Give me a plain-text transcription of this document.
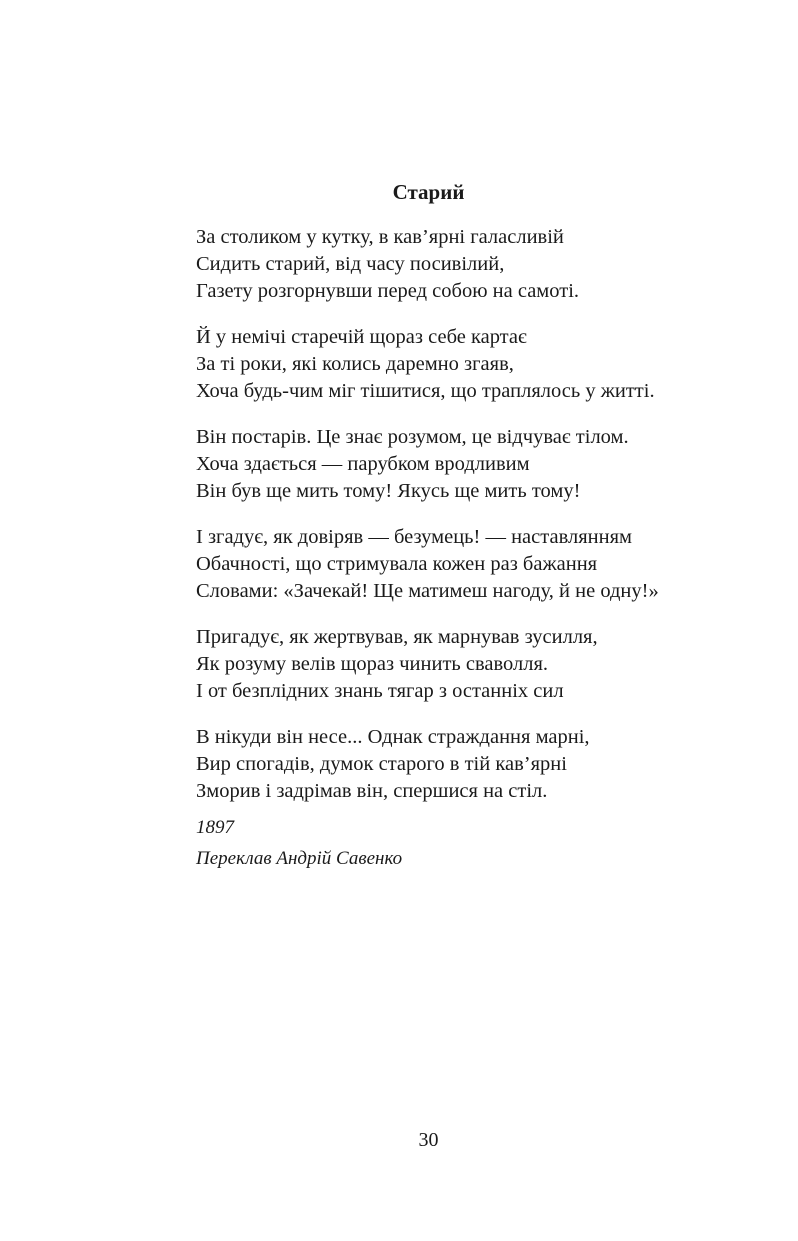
Старий
За столиком у кутку, в кав’ярні галасливій
Сидить старий, від часу посивілий,
Газету розгорнувши перед собою на самоті.
Й у немічі старечій щораз себе картає
За ті роки, які колись даремно згаяв,
Хоча будь-чим міг тішитися, що траплялось у житті.
Він постарів. Це знає розумом, це відчуває тілом.
Хоча здається — парубком вродливим
Він був ще мить тому! Якусь ще мить тому!
І згадує, як довіряв — безумець! — наставлянням
Обачності, що стримувала кожен раз бажання
Словами: «Зачекай! Ще матимеш нагоду, й не одну!»
Пригадує, як жертвував, як марнував зусилля,
Як розуму велів щораз чинить сваволля.
І от безплідних знань тягар з останніх сил
В нікуди він несе... Однак страждання марні,
Вир спогадів, думок старого в тій кав’ярні
Зморив і задрімав він, спершися на стіл.
1897
Переклав Андрій Савенко
30
